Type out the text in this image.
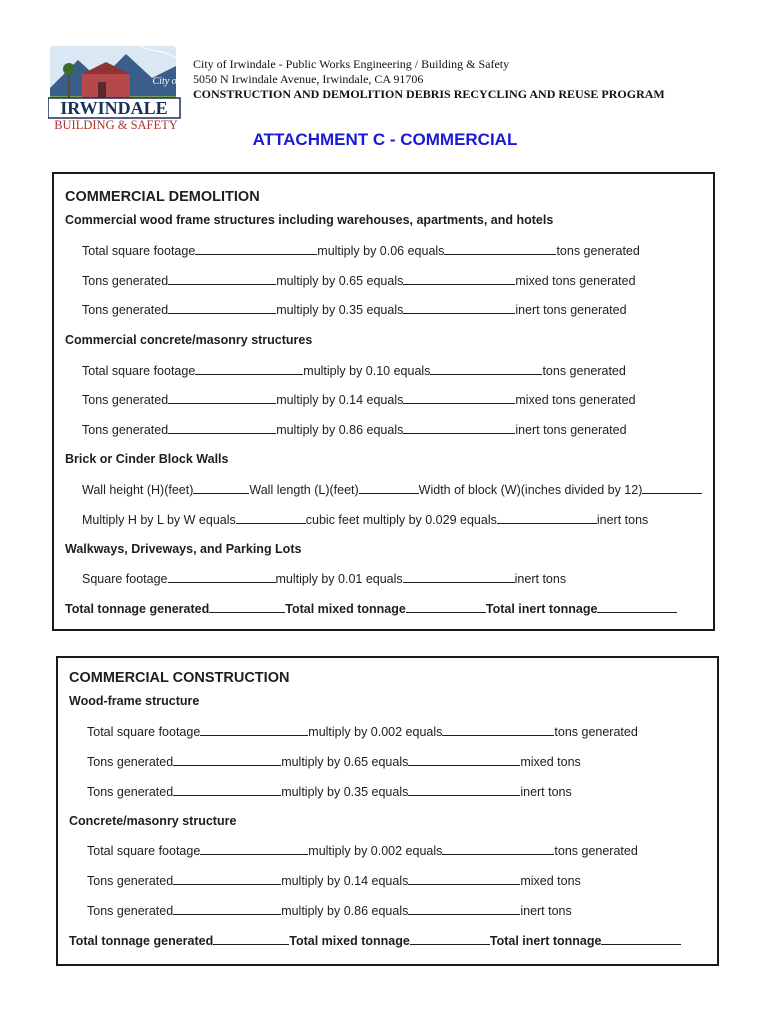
City of
IRWINDALE
BUILDING & SAFETY
City of Irwindale - Public Works Engineering / Building & Safety
5050 N Irwindale Avenue, Irwindale, CA 91706
CONSTRUCTION AND DEMOLITION DEBRIS RECYCLING AND REUSE PROGRAM
ATTACHMENT C - COMMERCIAL
COMMERCIAL DEMOLITION
Commercial wood frame structures including warehouses, apartments, and hotels
Total square footage	multiply by 0.06 equals	tons generated
Tons generated	multiply by 0.65 equals	mixed tons generated
Tons generated	multiply by 0.35 equals	inert tons generated
Commercial concrete/masonry structures
Total square footage	multiply by 0.10 equals	tons generated
Tons generated	multiply by 0.14 equals	mixed tons generated
Tons generated	multiply by 0.86 equals	inert tons generated
Brick or Cinder Block Walls
Wall height (H)(feet)	Wall length (L)(feet)	Width of block (W)(inches divided by 12)
Multiply H by L by W equals	cubic feet multiply by 0.029 equals	inert tons
Walkways, Driveways, and Parking Lots
Square footage	multiply by 0.01 equals	inert tons
Total tonnage generated	Total mixed tonnage	Total inert tonnage
COMMERCIAL CONSTRUCTION
Wood-frame structure
Total square footage	multiply by 0.002 equals	tons generated
Tons generated	multiply by 0.65 equals	mixed tons
Tons generated	multiply by 0.35 equals	inert tons
Concrete/masonry structure
Total square footage	multiply by 0.002 equals	tons generated
Tons generated	multiply by 0.14 equals	mixed tons
Tons generated	multiply by 0.86 equals	inert tons
Total tonnage generated	Total mixed tonnage	Total inert tonnage
